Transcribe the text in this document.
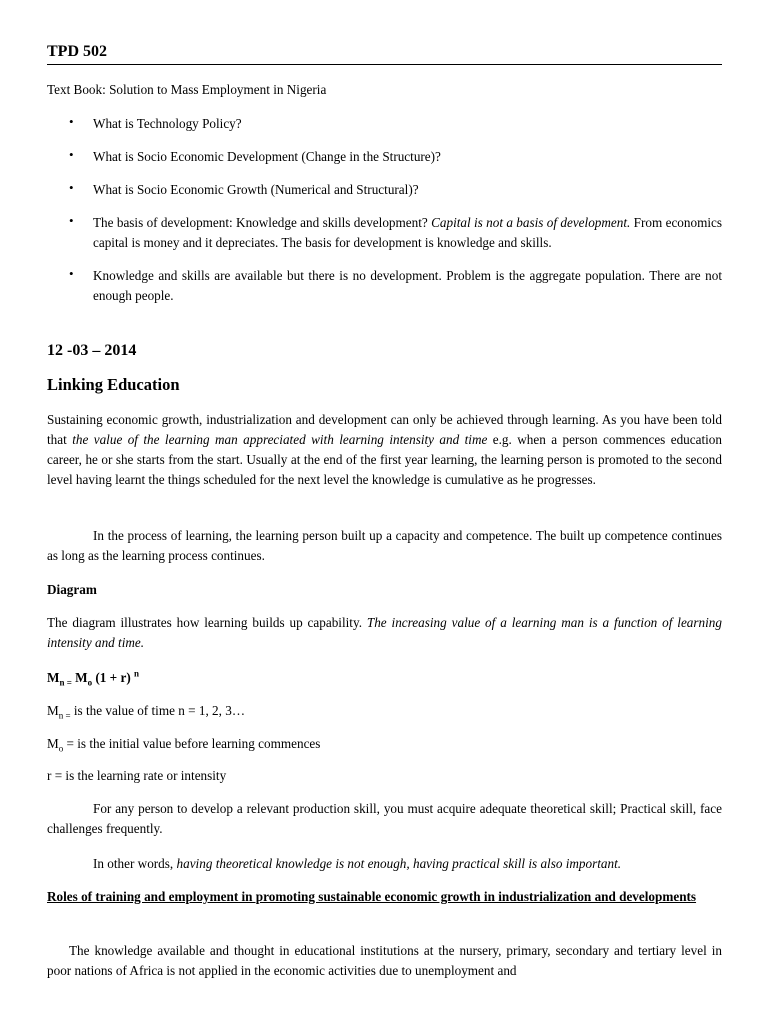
TPD 502
Text Book: Solution to Mass Employment in Nigeria
• What is Technology Policy?
• What is Socio Economic Development (Change in the Structure)?
• What is Socio Economic Growth (Numerical and Structural)?
• The basis of development: Knowledge and skills development? Capital is not a basis of development. From economics capital is money and it depreciates. The basis for development is knowledge and skills.
• Knowledge and skills are available but there is no development. Problem is the aggregate population. There are not enough people.
12 -03 – 2014
Linking Education
Sustaining economic growth, industrialization and development can only be achieved through learning. As you have been told that the value of the learning man appreciated with learning intensity and time e.g. when a person commences education career, he or she starts from the start. Usually at the end of the first year learning, the learning person is promoted to the second level having learnt the things scheduled for the next level the knowledge is cumulative as he progresses.
In the process of learning, the learning person built up a capacity and competence. The built up competence continues as long as the learning process continues.
Diagram
The diagram illustrates how learning builds up capability. The increasing value of a learning man is a function of learning intensity and time.
$M_{n =}$ $M_o$ (1 + r) $^n$
$M_{n =}$ is the value of time n = 1, 2, 3…
$M_o$ = is the initial value before learning commences
r = is the learning rate or intensity
For any person to develop a relevant production skill, you must acquire adequate theoretical skill; Practical skill, face challenges frequently.
In other words, having theoretical knowledge is not enough, having practical skill is also important.
Roles of training and employment in promoting sustainable economic growth in industrialization and developments
The knowledge available and thought in educational institutions at the nursery, primary, secondary and tertiary level in poor nations of Africa is not applied in the economic activities due to unemployment and
